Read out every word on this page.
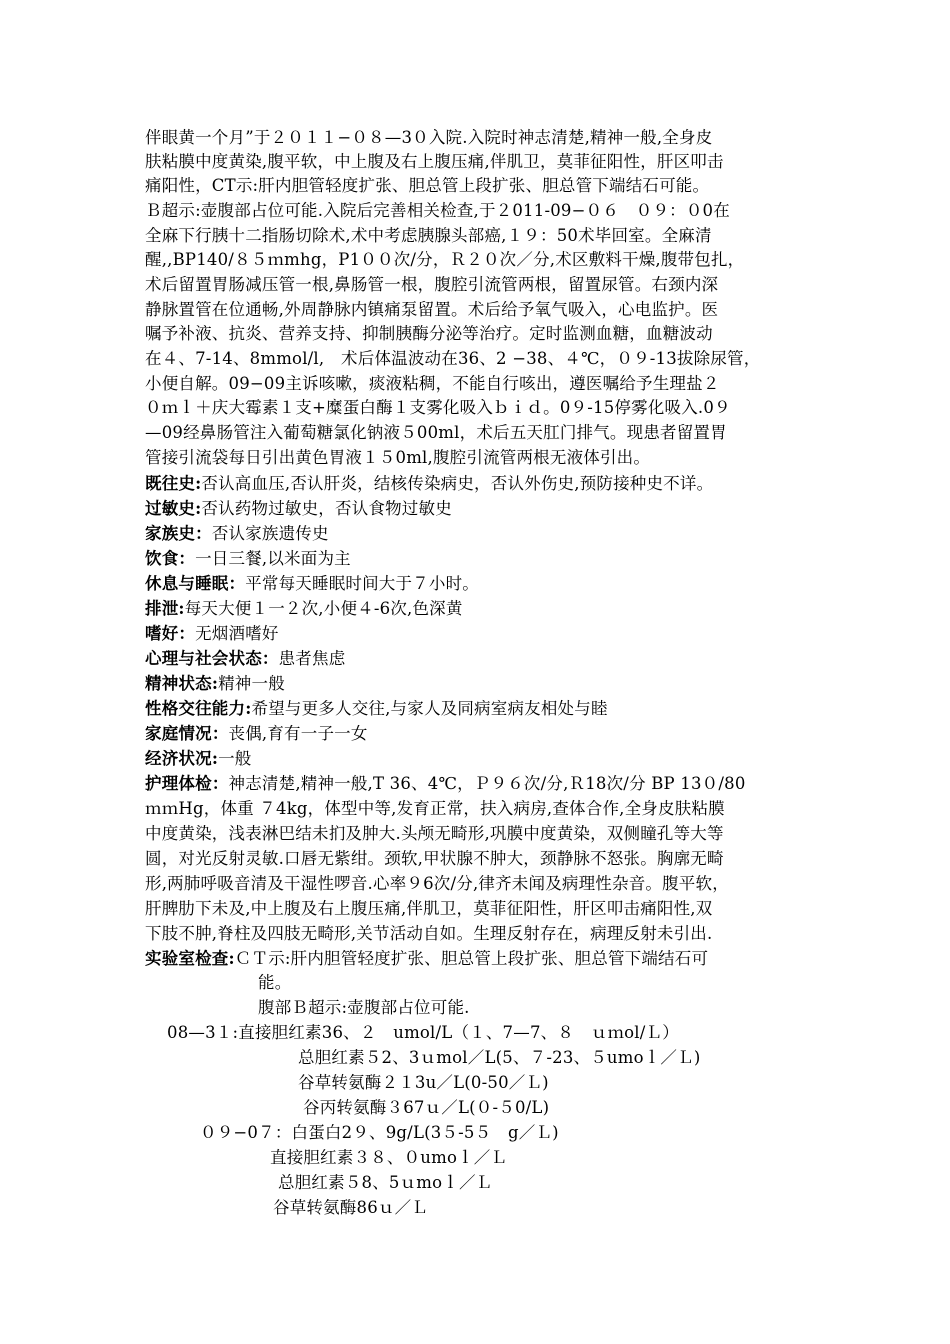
伴眼黄一个月”于２０１１−０８—3０入院.入院时神志清楚,精神一般,全身皮
肤粘膜中度黄染,腹平软，中上腹及右上腹压痛,伴肌卫，莫菲征阳性，肝区叩击
痛阳性，CT示:肝内胆管轻度扩张、胆总管上段扩张、胆总管下端结石可能。
Ｂ超示:壶腹部占位可能.入院后完善相关检查,于２011-09−０６　０９：０0在
全麻下行胰十二指肠切除术,术中考虑胰腺头部癌,１９：50术毕回室。全麻清
醒,,BP140/８５ｍmhg，P1００次/分，Ｒ２０次／分,术区敷料干燥,腹带包扎，
术后留置胃肠减压管一根,鼻肠管一根，腹腔引流管两根，留置尿管。右颈内深
静脉置管在位通畅,外周静脉内镇痛泵留置。术后给予氧气吸入，心电监护。医
嘱予补液、抗炎、营养支持、抑制胰酶分泌等治疗。定时监测血糖，血糖波动
在４、7-14、8mmol/l,　术后体温波动在36、2 −38、４℃，０９-13拔除尿管，
小便自解。09−09主诉咳嗽，痰液粘稠，不能自行咳出，遵医嘱给予生理盐２
０ｍｌ＋庆大霉素１支+糜蛋白酶１支雾化吸入ｂｉｄ。0９-15停雾化吸入.0９
—09经鼻肠管注入葡萄糖氯化钠液５00ml，术后五天肛门排气。现患者留置胃
管接引流袋每日引出黄色胃液１５0ml,腹腔引流管两根无液体引出。
既往史:否认高血压,否认肝炎，结核传染病史，否认外伤史,预防接种史不详。
过敏史:否认药物过敏史，否认食物过敏史
家族史：否认家族遗传史
饮食：一日三餐,以米面为主
休息与睡眠：平常每天睡眠时间大于７小时。
排泄:每天大便１一２次,小便４-6次,色深黄
嗜好：无烟酒嗜好
心理与社会状态：患者焦虑
精神状态:精神一般
性格交往能力:希望与更多人交往,与家人及同病室病友相处与睦
家庭情况：丧偶,育有一子一女
经济状况:一般
护理体检：神志清楚,精神一般,T 36、4℃，Ｐ９６次/分,Ｒ18次/分 BP 13０/80
ｍｍHg，体重 ７4kg，体型中等,发育正常，扶入病房,查体合作,全身皮肤粘膜
中度黄染，浅表淋巴结未扪及肿大.头颅无畸形,巩膜中度黄染，双侧瞳孔等大等
圆，对光反射灵敏.口唇无紫绀。颈软,甲状腺不肿大，颈静脉不怒张。胸廓无畸
形,两肺呼吸音清及干湿性啰音.心率９6次/分,律齐未闻及病理性杂音。腹平软，
肝脾肋下未及,中上腹及右上腹压痛,伴肌卫，莫菲征阳性，肝区叩击痛阳性,双
下肢不肿,脊柱及四肢无畸形,关节活动自如。生理反射存在，病理反射未引出.
实验室检查:ＣＴ示:肝内胆管轻度扩张、胆总管上段扩张、胆总管下端结石可
能。
腹部Ｂ超示:壶腹部占位可能.
08—3１:直接胆红素36、２　umol/L（１、7—7、８　ｕｍol/Ｌ）
总胆红素５2、3ｕmol／L(5、７-23、５umoｌ／Ｌ)
谷草转氨酶２１3u／L(0-50／Ｌ)
谷丙转氨酶３67ｕ／L(０-５0/L)
０９−0７：白蛋白2９、9g/L(3５-5５　g／Ｌ)
直接胆红素３８、０umoｌ／Ｌ
总胆红素５8、5ｕmoｌ／Ｌ
谷草转氨酶86ｕ／Ｌ
